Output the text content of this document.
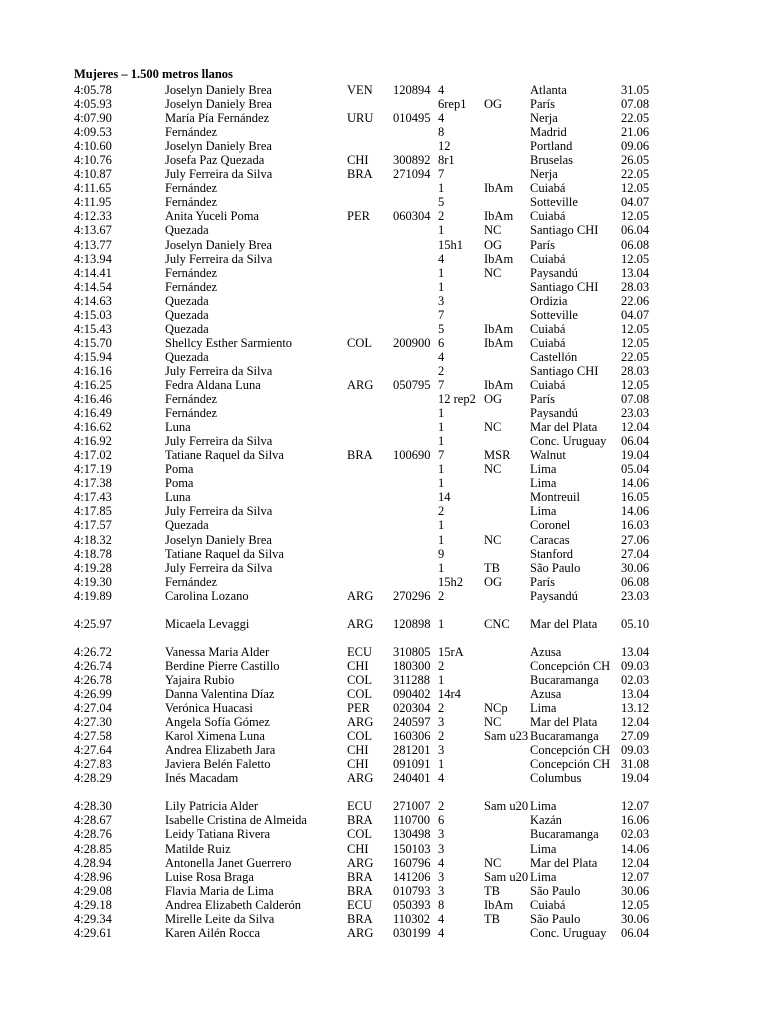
Mujeres – 1.500 metros llanos
4:05.78	Joselyn Daniely Brea	VEN 120894 4	Atlanta	31.05
4:05.93	Joselyn Daniely Brea	6rep1 OG París	07.08
4:07.90	María Pía Fernández	URU 010495 4	Nerja	22.05
4:09.53	Fernández	8	Madrid	21.06
4:10.60	Joselyn Daniely Brea	12	Portland	09.06
4:10.76	Josefa Paz Quezada	CHI 300892 8r1	Bruselas	26.05
4:10.87	July Ferreira da Silva	BRA 271094 7	Nerja	22.05
4:11.65	Fernández	1	IbAm Cuiabá	12.05
4:11.95	Fernández	5	Sotteville	04.07
4:12.33	Anita Yuceli Poma	PER 060304 2	IbAm Cuiabá	12.05
4:13.67	Quezada	1	NC Santiago CHI 06.04
4:13.77	Joselyn Daniely Brea	15h1 OG París	06.08
4:13.94	July Ferreira da Silva	4	IbAm Cuiabá	12.05
4:14.41	Fernández	1	NC Paysandú	13.04
4:14.54	Fernández	1	Santiago CHI 28.03
4:14.63	Quezada	3	Ordizia	22.06
4:15.03	Quezada	7	Sotteville	04.07
4:15.43	Quezada	5	IbAm Cuiabá	12.05
4:15.70	Shellcy Esther Sarmiento	COL 200900 6	IbAm Cuiabá	12.05
4:15.94	Quezada	4	Castellón	22.05
4:16.16	July Ferreira da Silva	2	Santiago CHI 28.03
4:16.25	Fedra Aldana Luna	ARG 050795 7	IbAm Cuiabá	12.05
4:16.46	Fernández	12 rep2 OG París	07.08
4:16.49	Fernández	1	Paysandú	23.03
4:16.62	Luna	1	NC Mar del Plata 12.04
4:16.92	July Ferreira da Silva	1	Conc. Uruguay 06.04
4:17.02	Tatiane Raquel da Silva	BRA 100690 7	MSR Walnut	19.04
4:17.19	Poma	1	NC Lima	05.04
4:17.38	Poma	1	Lima	14.06
4:17.43	Luna	14	Montreuil	16.05
4:17.85	July Ferreira da Silva	2	Lima	14.06
4:17.57	Quezada	1	Coronel	16.03
4:18.32	Joselyn Daniely Brea	1	NC Caracas	27.06
4:18.78	Tatiane Raquel da Silva	9	Stanford	27.04
4:19.28	July Ferreira da Silva	1	TB São Paulo	30.06
4:19.30	Fernández	15h2 OG París	06.08
4:19.89	Carolina Lozano	ARG 270296 2	Paysandú	23.03
4:25.97	Micaela Levaggi	ARG 120898 1	CNC Mar del Plata 05.10
4:26.72	Vanessa Maria Alder	ECU 310805 15rA	Azusa	13.04
4:26.74	Berdine Pierre Castillo	CHI 180300 2	Concepción CH 09.03
4:26.78	Yajaira Rubio	COL 311288 1	Bucaramanga 02.03
4:26.99	Danna Valentina Díaz	COL 090402 14r4	Azusa	13.04
4:27.04	Verónica Huacasi	PER 020304 2	NCp Lima	13.12
4:27.30	Angela Sofía Gómez	ARG 240597 3	NC Mar del Plata 12.04
4:27.58	Karol Ximena Luna	COL 160306 2	Sam u23 Bucaramanga 27.09
4:27.64	Andrea Elizabeth Jara	CHI 281201 3	Concepción CH 09.03
4:27.83	Javiera Belén Faletto	CHI 091091 1	Concepción CH 31.08
4:28.29	Inés Macadam	ARG 240401 4	Columbus	19.04
4:28.30	Lily Patricia Alder	ECU 271007 2	Sam u20 Lima	12.07
4:28.67	Isabelle Cristina de Almeida	BRA 110700 6	Kazán	16.06
4:28.76	Leidy Tatiana Rivera	COL 130498 3	Bucaramanga 02.03
4:28.85	Matilde Ruiz	CHI 150103 3	Lima	14.06
4.28.94	Antonella Janet Guerrero	ARG 160796 4	NC Mar del Plata 12.04
4:28.96	Luise Rosa Braga	BRA 141206 3	Sam u20 Lima	12.07
4:29.08	Flavia Maria de Lima	BRA 010793 3	TB São Paulo	30.06
4:29.18	Andrea Elizabeth Calderón	ECU 050393 8	IbAm Cuiabá	12.05
4:29.34	Mirelle Leite da Silva	BRA 110302 4	TB São Paulo	30.06
4:29.61	Karen Ailén Rocca	ARG 030199 4	Conc. Uruguay 06.04
